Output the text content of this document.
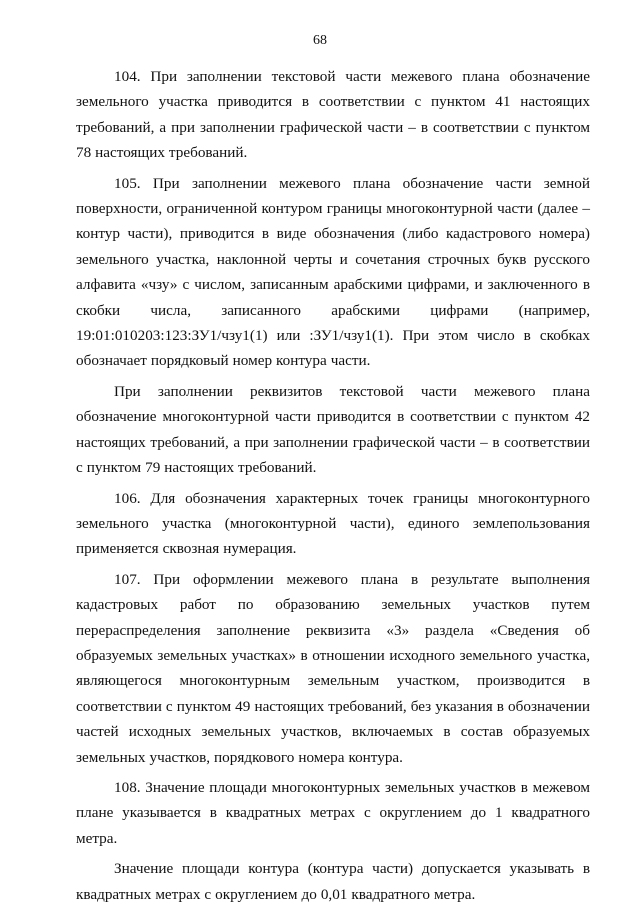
68

104. При заполнении текстовой части межевого плана обозначение земельного участка приводится в соответствии с пунктом 41 настоящих требований, а при заполнении графической части – в соответствии с пунктом 78 настоящих требований.

105. При заполнении межевого плана обозначение части земной поверхности, ограниченной контуром границы многоконтурной части (далее – контур части), приводится в виде обозначения (либо кадастрового номера) земельного участка, наклонной черты и сочетания строчных букв русского алфавита «чзу» с числом, записанным арабскими цифрами, и заключенного в скобки числа, записанного арабскими цифрами (например, 19:01:010203:123:ЗУ1/чзу1(1) или :ЗУ1/чзу1(1). При этом число в скобках обозначает порядковый номер контура части.

При заполнении реквизитов текстовой части межевого плана обозначение многоконтурной части приводится в соответствии с пунктом 42 настоящих требований, а при заполнении графической части – в соответствии с пунктом 79 настоящих требований.

106. Для обозначения характерных точек границы многоконтурного земельного участка (многоконтурной части), единого землепользования применяется сквозная нумерация.

107. При оформлении межевого плана в результате выполнения кадастровых работ по образованию земельных участков путем перераспределения заполнение реквизита «3» раздела «Сведения об образуемых земельных участках» в отношении исходного земельного участка, являющегося многоконтурным земельным участком, производится в соответствии с пунктом 49 настоящих требований, без указания в обозначении частей исходных земельных участков, включаемых в состав образуемых земельных участков, порядкового номера контура.

108. Значение площади многоконтурных земельных участков в межевом плане указывается в квадратных метрах с округлением до 1 квадратного метра.

Значение площади контура (контура части) допускается указывать в квадратных метрах с округлением до 0,01 квадратного метра.
